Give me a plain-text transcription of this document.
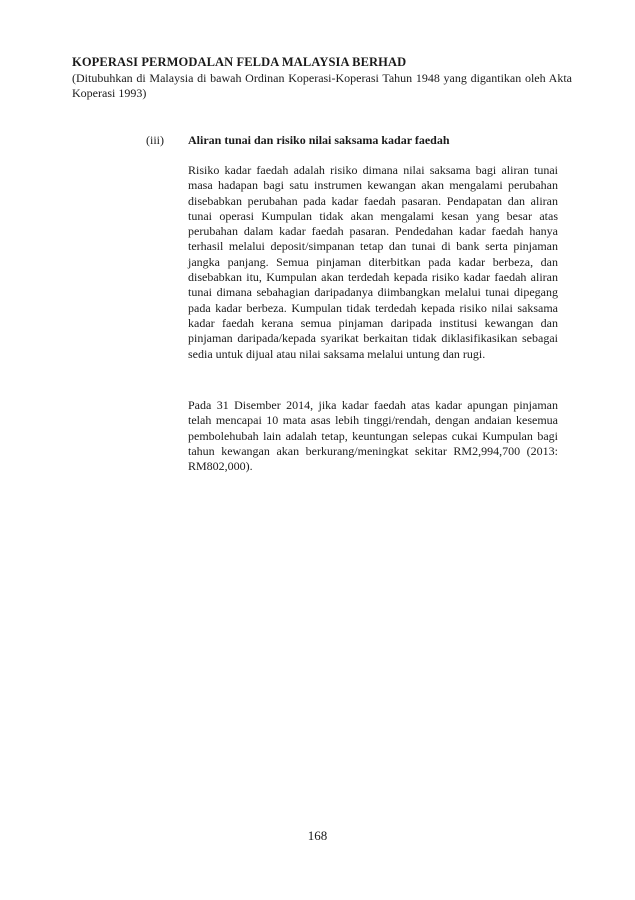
KOPERASI PERMODALAN FELDA MALAYSIA BERHAD
(Ditubuhkan di Malaysia di bawah Ordinan Koperasi-Koperasi Tahun 1948 yang digantikan oleh Akta Koperasi 1993)
(iii)	Aliran tunai dan risiko nilai saksama kadar faedah

Risiko kadar faedah adalah risiko dimana nilai saksama bagi aliran tunai masa hadapan bagi satu instrumen kewangan akan mengalami perubahan disebabkan perubahan pada kadar faedah pasaran. Pendapatan dan aliran tunai operasi Kumpulan tidak akan mengalami kesan yang besar atas perubahan dalam kadar faedah pasaran. Pendedahan kadar faedah hanya terhasil melalui deposit/simpanan tetap dan tunai di bank serta pinjaman jangka panjang. Semua pinjaman diterbitkan pada kadar berbeza, dan disebabkan itu, Kumpulan akan terdedah kepada risiko kadar faedah aliran tunai dimana sebahagian daripadanya diimbangkan melalui tunai dipegang pada kadar berbeza. Kumpulan tidak terdedah kepada risiko nilai saksama kadar faedah kerana semua pinjaman daripada institusi kewangan dan pinjaman daripada/kepada syarikat berkaitan tidak diklasifikasikan sebagai sedia untuk dijual atau nilai saksama melalui untung dan rugi.

Pada 31 Disember 2014, jika kadar faedah atas kadar apungan pinjaman telah mencapai 10 mata asas lebih tinggi/rendah, dengan andaian kesemua pembolehubah lain adalah tetap, keuntungan selepas cukai Kumpulan bagi tahun kewangan akan berkurang/meningkat sekitar RM2,994,700 (2013: RM802,000).

168
